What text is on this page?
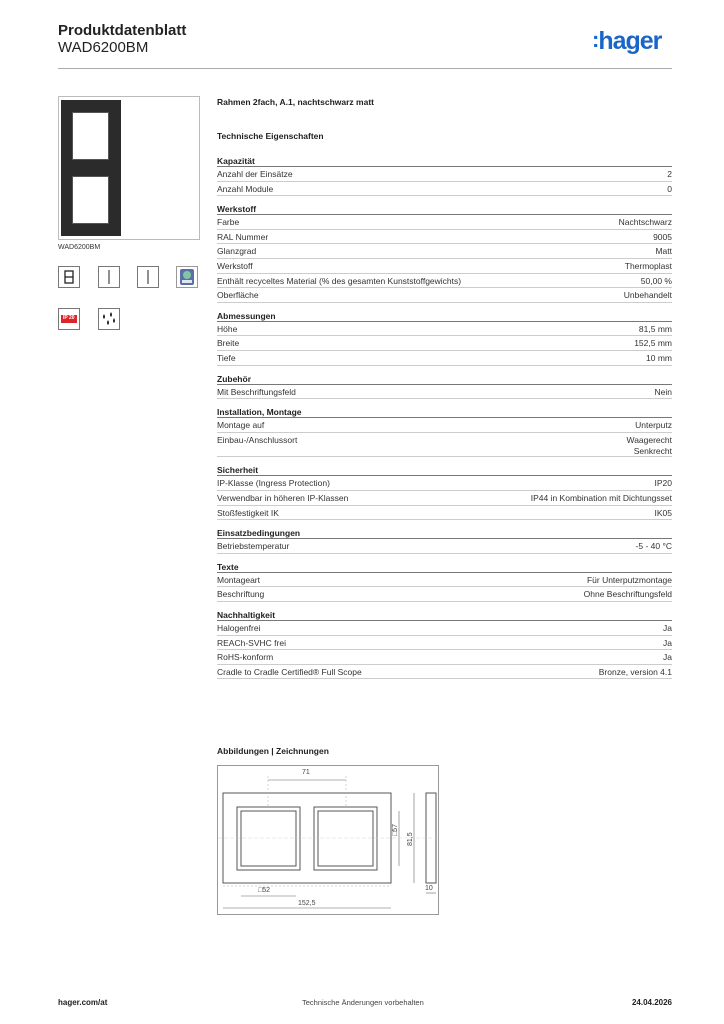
Produktdatenblatt
WAD6200BM	:hager
WAD6200BM
IP 20
Rahmen 2fach, A.1, nachtschwarz matt
Technische Eigenschaften
Kapazität
Anzahl der Einsätze	2
Anzahl Module	0
Werkstoff
Farbe	Nachtschwarz
RAL Nummer	9005
Glanzgrad	Matt
Werkstoff	Thermoplast
Enthält recyceltes Material (% des gesamten Kunststoffgewichts)	50,00 %
Oberfläche	Unbehandelt
Abmessungen
Höhe	81,5 mm
Breite	152,5 mm
Tiefe	10 mm
Zubehör
Mit Beschriftungsfeld	Nein
Installation, Montage
Montage auf	Unterputz
Einbau-/Anschlussort	Waagerecht
Senkrecht
Sicherheit
IP-Klasse (Ingress Protection)	IP20
Verwendbar in höheren IP-Klassen	IP44 in Kombination mit Dichtungsset
Stoßfestigkeit IK	IK05
Einsatzbedingungen
Betriebstemperatur	-5 - 40 °C
Texte
Montageart	Für Unterputzmontage
Beschriftung	Ohne Beschriftungsfeld
Nachhaltigkeit
Halogenfrei	Ja
REACh-SVHC frei	Ja
RoHS-konform	Ja
Cradle to Cradle Certified® Full Scope	Bronze, version 4.1
Abbildungen | Zeichnungen
71
□52
152,5
□57
81,5
10
hager.com/at	Technische Änderungen vorbehalten	24.04.2026
